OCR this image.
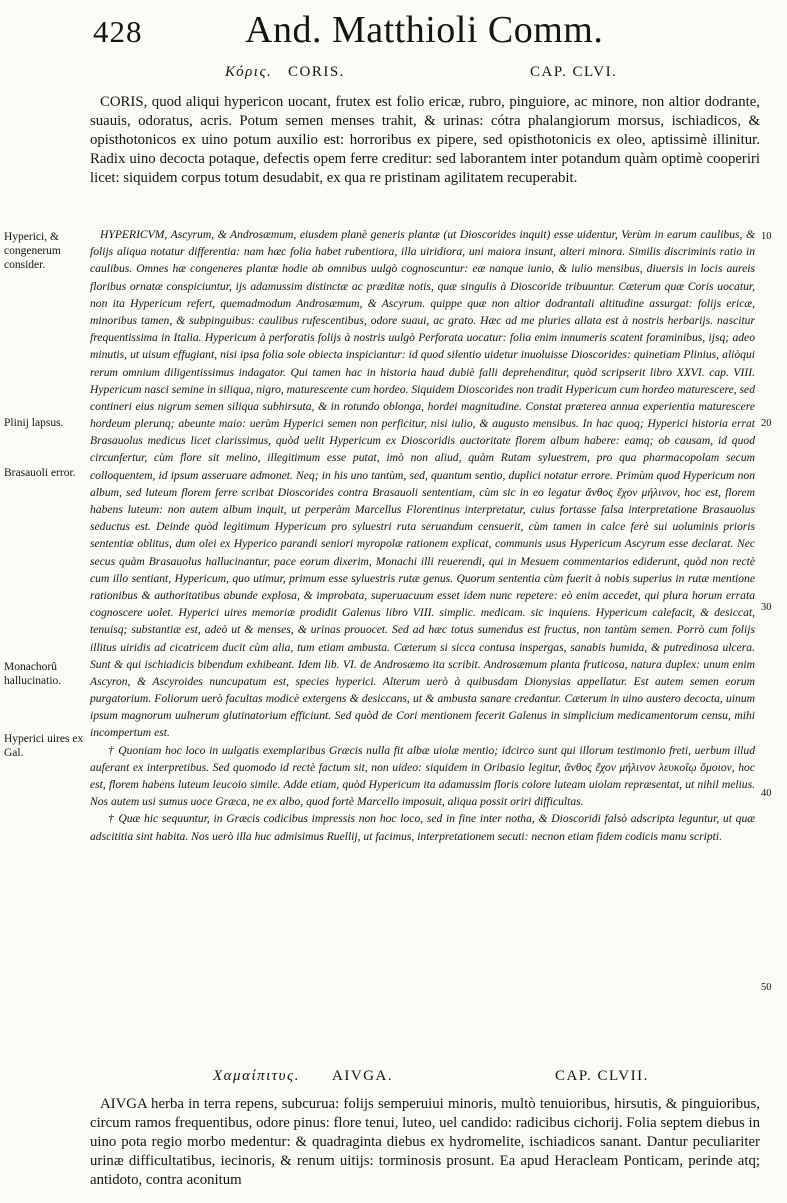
428	And. Matthioli Comm.
Κόρις. CORIS.	CAP. CLVI.

CORIS, quod aliqui hypericon uocant, frutex est folio ericæ, rubro, pinguiore, ac minore, non altior dodrante, suauis, odoratus, acris. Potum semen menses trahit, & urinas: cótra phalangiorum morsus, ischiadicos, & opisthotonicos ex uino potum auxilio est: horroribus ex pipere, sed opisthotonicis ex oleo, aptissimè illinitur. Radix uino decocta potaque, defectis opem ferre creditur: sed laborantem inter potandum quàm optimè cooperiri licet: siquidem corpus totum desudabit, ex qua re pristinam agilitatem recuperabit.

Hyperici, & congenerum consider.
Plinij lapsus.
Brasauoli error.
Monachorû hallucinatio.
Hyperici uires ex Gal.
10
20
30
40
50

HYPERICVM, Ascyrum, & Androsæmum, eiusdem planè generis plantæ (ut Dioscorides inquit) esse uidentur, Verùm in earum caulibus, & folijs aliqua notatur differentia: nam hæc folia habet rubentiora, illa uiridiora, uni maiora insunt, alteri minora. Similis discriminis ratio in caulibus. Omnes hæ congeneres plantæ hodie ab omnibus uulgò cognoscuntur: eæ nanque iunio, & iulio mensibus, diuersis in locis aureis floribus ornatæ conspiciuntur, ijs adamussim distinctæ ac præditæ notis, quæ singulis à Dioscoride tribuuntur. Cæterum quæ Coris uocatur, non ita Hypericum refert, quemadmodum Androsæmum, & Ascyrum. quippe quæ non altior dodrantali altitudine assurgat: folijs ericæ, minoribus tamen, & subpinguibus: caulibus rufescentibus, odore suaui, ac grato. Hæc ad me pluries allata est à nostris herbarijs. nascitur frequentissima in Italia. Hypericum à perforatis folijs à nostris uulgò Perforata uocatur: folia enim innumeris scatent foraminibus, ijsq; adeo minutis, ut uisum effugiant, nisi ipsa folia sole obiecta inspiciantur: id quod silentio uidetur inuoluisse Dioscorides: quinetiam Plinius, aliòqui rerum omnium diligentissimus indagator. Qui tamen hac in historia haud dubiè falli deprehenditur, quòd scripserit libro XXVI. cap. VIII. Hypericum nasci semine in siliqua, nigro, maturescente cum hordeo. Siquidem Dioscorides non tradit Hypericum cum hordeo maturescere, sed contineri eius nigrum semen siliqua subhirsuta, & in rotundo oblonga, hordei magnitudine. Constat præterea annua experientia maturescere hordeum plerunq; abeunte maio: uerùm Hyperici semen non perficitur, nisi iulio, & augusto mensibus. In hac quoq; Hyperici historia errat Brasauolus medicus licet clarissimus, quòd uelit Hypericum ex Dioscoridis auctoritate florem album habere: eamq; ob causam, id quod circunfertur, cùm flore sit melino, illegitimum esse putat, imò non aliud, quàm Rutam syluestrem, pro qua pharmacopolam secum colloquentem, id ipsum asseruare admonet. Neq; in his uno tantùm, sed, quantum sentio, duplici notatur errore. Primùm quod Hypericum non album, sed luteum florem ferre scribat Dioscorides contra Brasauoli sententiam, cùm sic in eo legatur ἄνθος ἔχον μήλινον, hoc est, florem habens luteum: non autem album inquit, ut perperàm Marcellus Florentinus interpretatur, cuius fortasse falsa interpretatione Brasauolus seductus est. Deinde quòd legitimum Hypericum pro syluestri ruta seruandum censuerit, cùm tamen in calce ferè sui uoluminis prioris sententiæ oblitus, dum olei ex Hyperico parandi seniori myropolæ rationem explicat, communis usus Hypericum Ascyrum esse declarat. Nec secus quàm Brasauolus hallucinantur, pace eorum dixerim, Monachi illi reuerendi, qui in Mesuem commentarios ediderunt, quòd non rectè cum illo sentiant, Hypericum, quo utimur, primum esse syluestris rutæ genus. Quorum sententia cùm fuerit à nobis superius in rutæ mentione rationibus & authoritatibus abunde explosa, & improbata, superuacuum esset idem nunc repetere: eò enim accedet, qui plura horum errata cognoscere uolet. Hyperici uires memoriæ prodidit Galenus libro VIII. simplic. medicam. sic inquiens. Hypericum calefacit, & desiccat, tenuisq; substantiæ est, adeò ut & menses, & urinas prouocet. Sed ad hæc totus sumendus est fructus, non tantùm semen. Porrò cum folijs illitus uiridis ad cicatricem ducit cùm alia, tum etiam ambusta. Cæterum si sicca contusa inspergas, sanabis humida, & putredinosa ulcera. Sunt & qui ischiadicis bibendum exhibeant. Idem lib. VI. de Androsæmo ita scribit. Androsæmum planta fruticosa, natura duplex: unum enim Ascyron, & Ascyroides nuncupatum est, species hyperici. Alterum uerò à quibusdam Dionysias appellatur. Est autem semen eorum purgatorium. Foliorum uerò facultas modicè extergens & desiccans, ut & ambusta sanare credantur. Cæterum in uino austero decocta, uinum ipsum magnorum uulnerum glutinatorium efficiunt. Sed quòd de Cori mentionem fecerit Galenus in simplicium medicamentorum censu, mihi incompertum est.

† Quoniam hoc loco in uulgatis exemplaribus Græcis nulla fit albæ uiolæ mentio; idcirco sunt qui illorum testimonio freti, uerbum illud auferant ex interpretibus. Sed quomodo id rectè factum sit, non uideo: siquidem in Oribasio legitur, ἄνθος ἔχον μήλινον λευκοΐῳ ὅμοιον, hoc est, florem habens luteum leucoio simile. Adde etiam, quòd Hypericum ita adamussim floris colore luteam uiolam repræsentat, ut nihil melius. Nos autem usi sumus uoce Græca, ne ex albo, quod fortè Marcello imposuit, aliqua possit oriri difficultas.

† Quæ hic sequuntur, in Græcis codicibus impressis non hoc loco, sed in fine inter notha, & Dioscoridi falsò adscripta leguntur, ut quæ adscititia sint habita. Nos uerò illa huc admisimus Ruellij, ut facimus, interpretationem secuti: necnon etiam fidem codicis manu scripti.

Χαμαίπιτυς. AIVGA.	CAP. CLVII.

AIVGA herba in terra repens, subcurua: folijs semperuiui minoris, multò tenuioribus, hirsutis, & pinguioribus, circum ramos frequentibus, odore pinus: flore tenui, luteo, uel candido: radicibus cichorij. Folia septem diebus in uino pota regio morbo medentur: & quadraginta diebus ex hydromelite, ischiadicos sanant. Dantur peculiariter urinæ difficultatibus, iecinoris, & renum uitijs: torminosis prosunt. Ea apud Heracleam Ponticam, perinde atq; antidoto, contra aconitum
